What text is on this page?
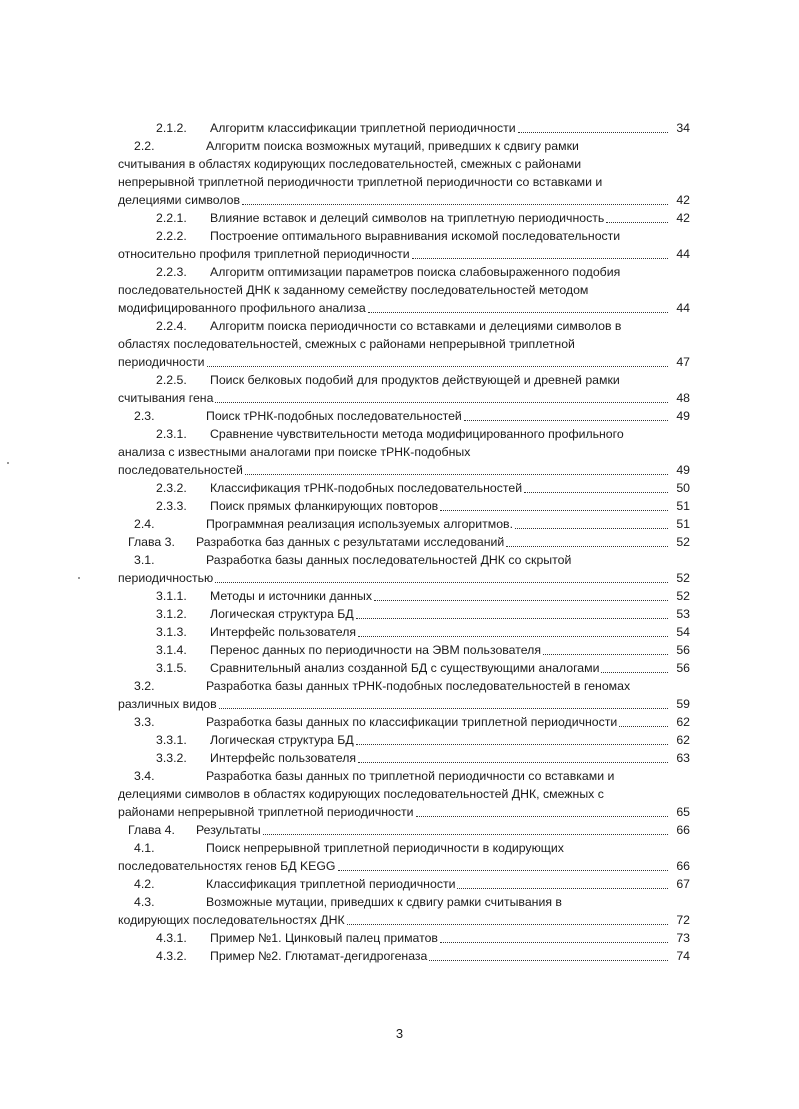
2.1.2.	Алгоритм классификации триплетной периодичности	34
2.2.	Алгоритм поиска возможных мутаций, приведших к сдвигу рамки
считывания в областях кодирующих последовательностей, смежных с районами
непрерывной триплетной периодичности триплетной периодичности со вставками и
делециями символов	42
2.2.1.	Влияние вставок и делеций символов на триплетную периодичность	42
2.2.2. Построение оптимального выравнивания искомой последовательности
относительно профиля триплетной периодичности	44
2.2.3. Алгоритм оптимизации параметров поиска слабовыраженного подобия
последовательностей ДНК к заданному семейству последовательностей методом
модифицированного профильного анализа	44
2.2.4. Алгоритм поиска периодичности со вставками и делециями символов в
областях последовательностей, смежных с районами непрерывной триплетной
периодичности	47
2.2.5. Поиск белковых подобий для продуктов действующей и древней рамки
считывания гена	48
2.3.	Поиск тРНК-подобных последовательностей	49
2.3.1. Сравнение чувствительности метода модифицированного профильного
анализа с известными аналогами при поиске тРНК-подобных
последовательностей	49
2.3.2.	Классификация тРНК-подобных последовательностей	50
2.3.3.	Поиск прямых фланкирующих повторов	51
2.4.	Программная реализация используемых алгоритмов.	51
Глава 3.	Разработка баз данных с результатами исследований	52
3.1.	Разработка базы данных последовательностей ДНК со скрытой
периодичностью	52
3.1.1.	Методы и источники данных	52
3.1.2.	Логическая структура БД	53
3.1.3.	Интерфейс пользователя	54
3.1.4.	Перенос данных по периодичности на ЭВМ пользователя	56
3.1.5.	Сравнительный анализ созданной БД с существующими аналогами	56
3.2.	Разработка базы данных тРНК-подобных последовательностей в геномах
различных видов	59
3.3.	Разработка базы данных по классификации триплетной периодичности	62
3.3.1.	Логическая структура БД	62
3.3.2.	Интерфейс пользователя	63
3.4.	Разработка базы данных по триплетной периодичности со вставками и
делециями символов в областях кодирующих последовательностей ДНК, смежных с
районами непрерывной триплетной периодичности	65
Глава 4.	Результаты	66
4.1.	Поиск непрерывной триплетной периодичности в кодирующих
последовательностях генов БД KEGG	66
4.2.	Классификация триплетной периодичности	67
4.3.	Возможные мутации, приведших к сдвигу рамки считывания в
кодирующих последовательностях ДНК	72
4.3.1.	Пример №1. Цинковый палец приматов	73
4.3.2.	Пример №2. Глютамат-дегидрогеназа	74
3
